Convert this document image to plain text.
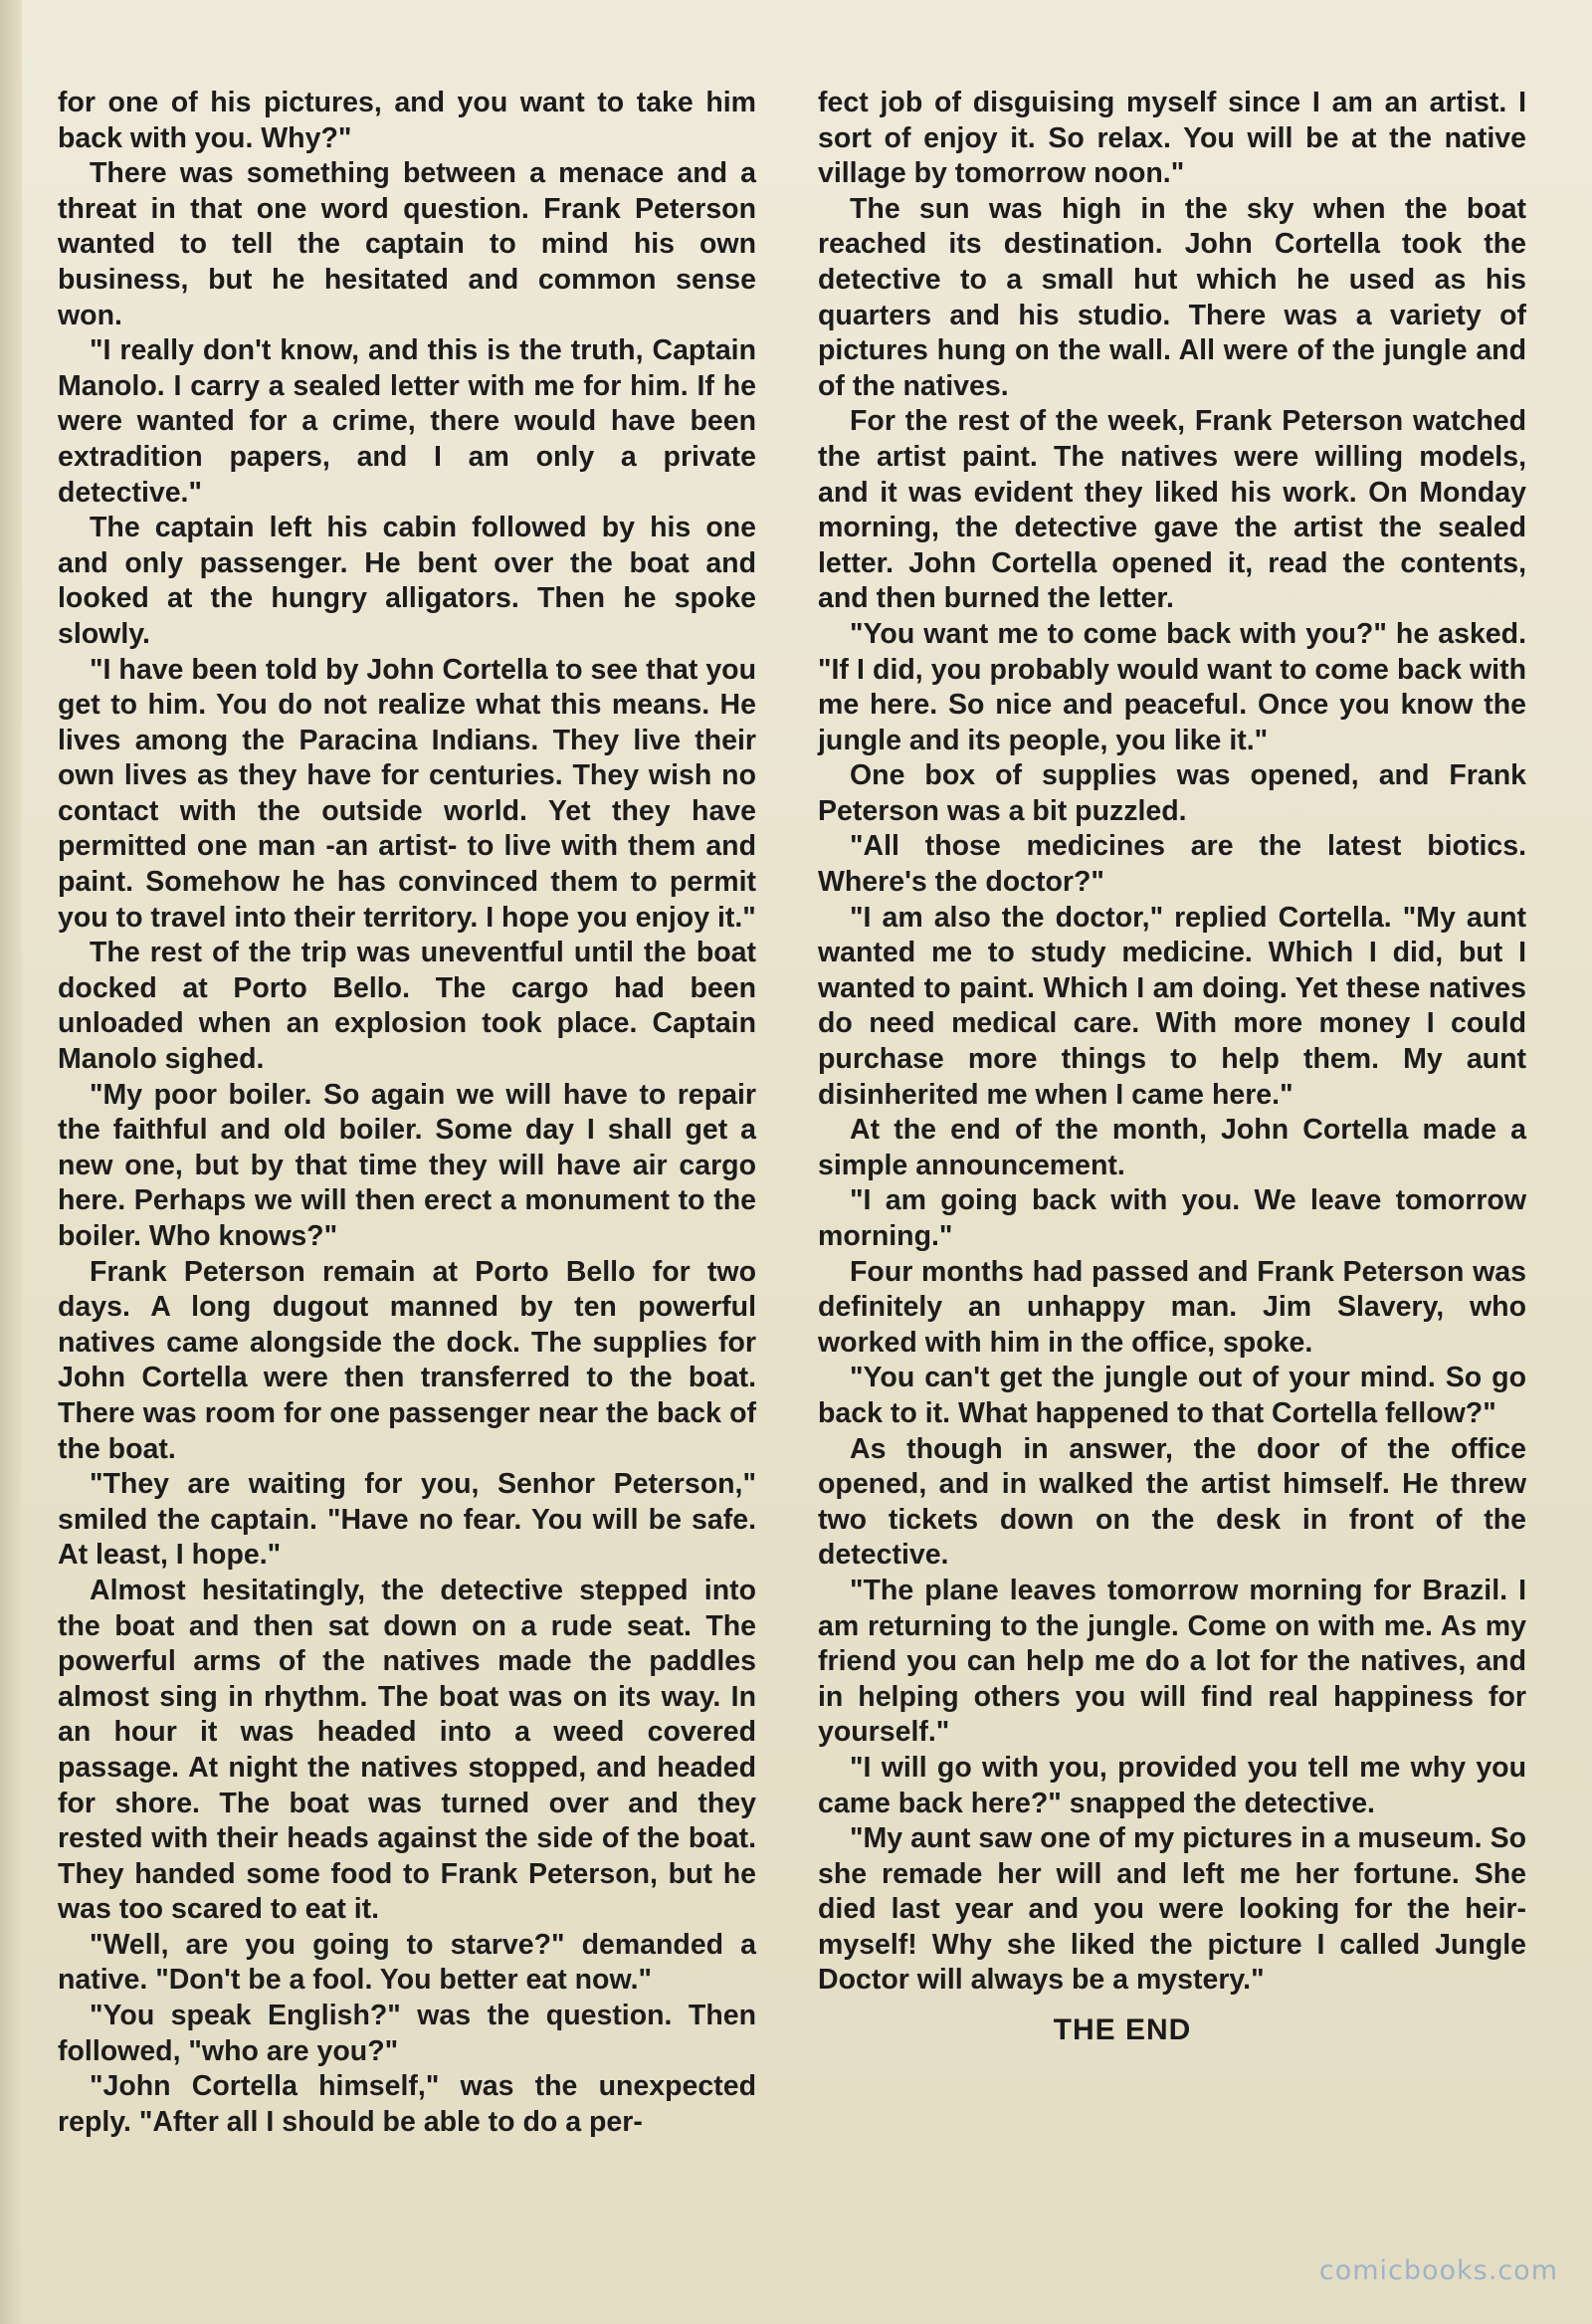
for one of his pictures, and you want to take him back with you. Why?"

There was something between a menace and a threat in that one word question. Frank Peterson wanted to tell the captain to mind his own business, but he hesitated and common sense won.

"I really don't know, and this is the truth, Captain Manolo. I carry a sealed letter with me for him. If he were wanted for a crime, there would have been extradition papers, and I am only a private detective."

The captain left his cabin followed by his one and only passenger. He bent over the boat and looked at the hungry alligators. Then he spoke slowly.

"I have been told by John Cortella to see that you get to him. You do not realize what this means. He lives among the Paracina Indians. They live their own lives as they have for centuries. They wish no contact with the outside world. Yet they have permitted one man -an artist- to live with them and paint. Somehow he has convinced them to permit you to travel into their territory. I hope you enjoy it."

The rest of the trip was uneventful until the boat docked at Porto Bello. The cargo had been unloaded when an explosion took place. Captain Manolo sighed.

"My poor boiler. So again we will have to repair the faithful and old boiler. Some day I shall get a new one, but by that time they will have air cargo here. Perhaps we will then erect a monument to the boiler. Who knows?"

Frank Peterson remain at Porto Bello for two days. A long dugout manned by ten powerful natives came alongside the dock. The supplies for John Cortella were then transferred to the boat. There was room for one passenger near the back of the boat.

"They are waiting for you, Senhor Peterson," smiled the captain. "Have no fear. You will be safe. At least, I hope."

Almost hesitatingly, the detective stepped into the boat and then sat down on a rude seat. The powerful arms of the natives made the paddles almost sing in rhythm. The boat was on its way. In an hour it was headed into a weed covered passage. At night the natives stopped, and headed for shore. The boat was turned over and they rested with their heads against the side of the boat. They handed some food to Frank Peterson, but he was too scared to eat it.

"Well, are you going to starve?" demanded a native. "Don't be a fool. You better eat now."

"You speak English?" was the question. Then followed, "who are you?"

"John Cortella himself," was the unexpected reply. "After all I should be able to do a per-

fect job of disguising myself since I am an artist. I sort of enjoy it. So relax. You will be at the native village by tomorrow noon."

The sun was high in the sky when the boat reached its destination. John Cortella took the detective to a small hut which he used as his quarters and his studio. There was a variety of pictures hung on the wall. All were of the jungle and of the natives.

For the rest of the week, Frank Peterson watched the artist paint. The natives were willing models, and it was evident they liked his work. On Monday morning, the detective gave the artist the sealed letter. John Cortella opened it, read the contents, and then burned the letter.

"You want me to come back with you?" he asked. "If I did, you probably would want to come back with me here. So nice and peaceful. Once you know the jungle and its people, you like it."

One box of supplies was opened, and Frank Peterson was a bit puzzled.

"All those medicines are the latest biotics. Where's the doctor?"

"I am also the doctor," replied Cortella. "My aunt wanted me to study medicine. Which I did, but I wanted to paint. Which I am doing. Yet these natives do need medical care. With more money I could purchase more things to help them. My aunt disinherited me when I came here."

At the end of the month, John Cortella made a simple announcement.

"I am going back with you. We leave tomorrow morning."

Four months had passed and Frank Peterson was definitely an unhappy man. Jim Slavery, who worked with him in the office, spoke.

"You can't get the jungle out of your mind. So go back to it. What happened to that Cortella fellow?"

As though in answer, the door of the office opened, and in walked the artist himself. He threw two tickets down on the desk in front of the detective.

"The plane leaves tomorrow morning for Brazil. I am returning to the jungle. Come on with me. As my friend you can help me do a lot for the natives, and in helping others you will find real happiness for yourself."

"I will go with you, provided you tell me why you came back here?" snapped the detective.

"My aunt saw one of my pictures in a museum. So she remade her will and left me her fortune. She died last year and you were looking for the heir-myself! Why she liked the picture I called Jungle Doctor will always be a mystery."

THE END
comicbooks.com
